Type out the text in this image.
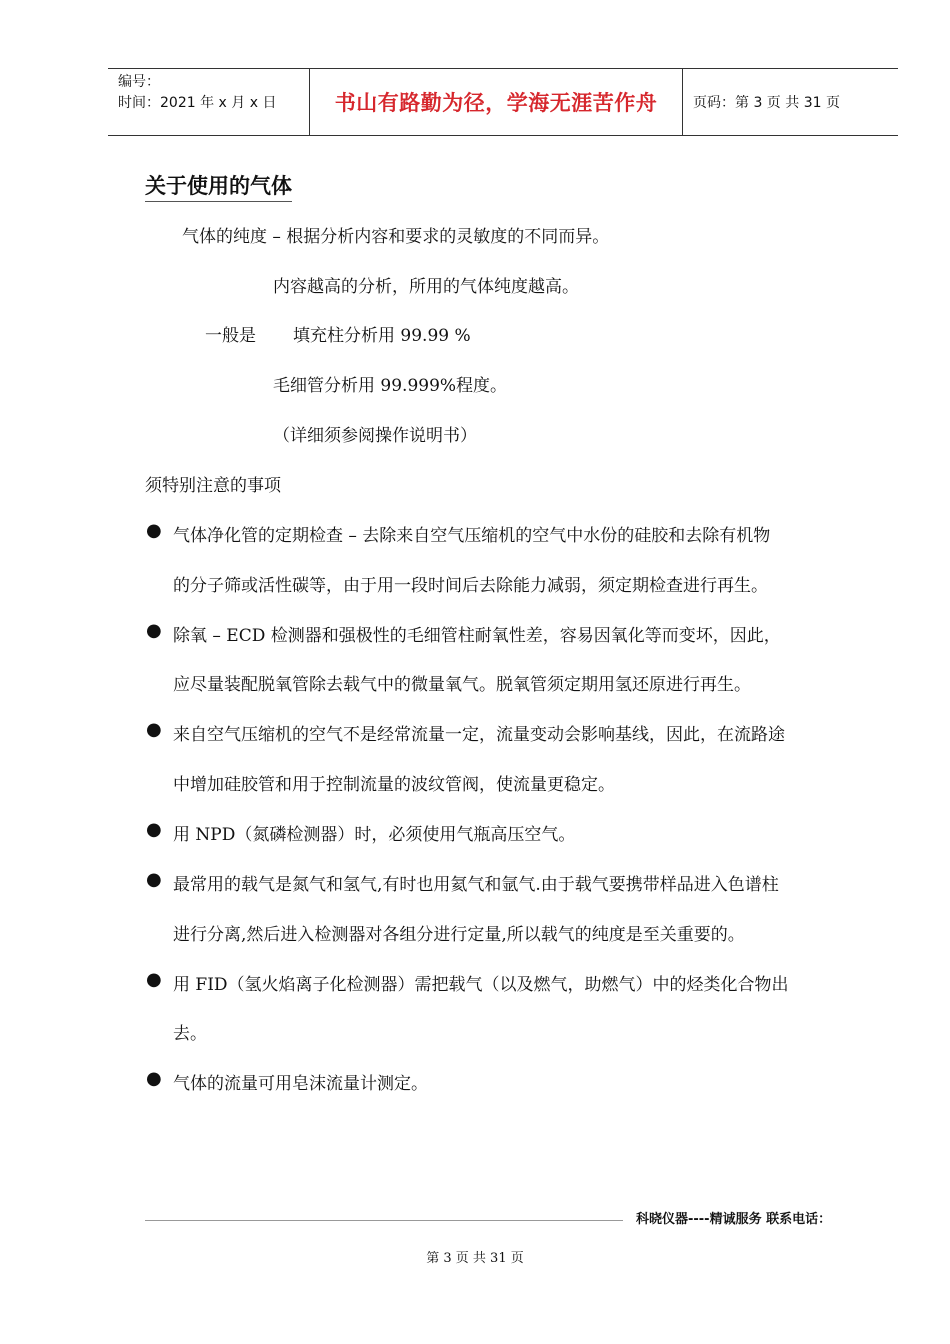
编号：
时间：2021 年 x 月 x 日	书山有路勤为径，学海无涯苦作舟	页码：第 3 页 共 31 页
关于使用的气体
气体的纯度 – 根据分析内容和要求的灵敏度的不同而异。
内容越高的分析，所用的气体纯度越高。
一般是 填充柱分析用 99.99 %
毛细管分析用 99.999%程度。
（详细须参阅操作说明书）
须特别注意的事项
● 气体净化管的定期检查 – 去除来自空气压缩机的空气中水份的硅胶和去除有机物
的分子筛或活性碳等，由于用一段时间后去除能力减弱，须定期检查进行再生。
● 除氧 – ECD 检测器和强极性的毛细管柱耐氧性差，容易因氧化等而变坏，因此，
应尽量装配脱氧管除去载气中的微量氧气。脱氧管须定期用氢还原进行再生。
● 来自空气压缩机的空气不是经常流量一定，流量变动会影响基线，因此，在流路途
中增加硅胶管和用于控制流量的波纹管阀，使流量更稳定。
● 用 NPD（氮磷检测器）时，必须使用气瓶高压空气。
● 最常用的载气是氮气和氢气,有时也用氦气和氩气.由于载气要携带样品进入色谱柱
进行分离,然后进入检测器对各组分进行定量,所以载气的纯度是至关重要的。
● 用 FID（氢火焰离子化检测器）需把载气（以及燃气，助燃气）中的烃类化合物出
去。
● 气体的流量可用皂沫流量计测定。
科晓仪器----精诚服务 联系电话：
第 3 页 共 31 页
